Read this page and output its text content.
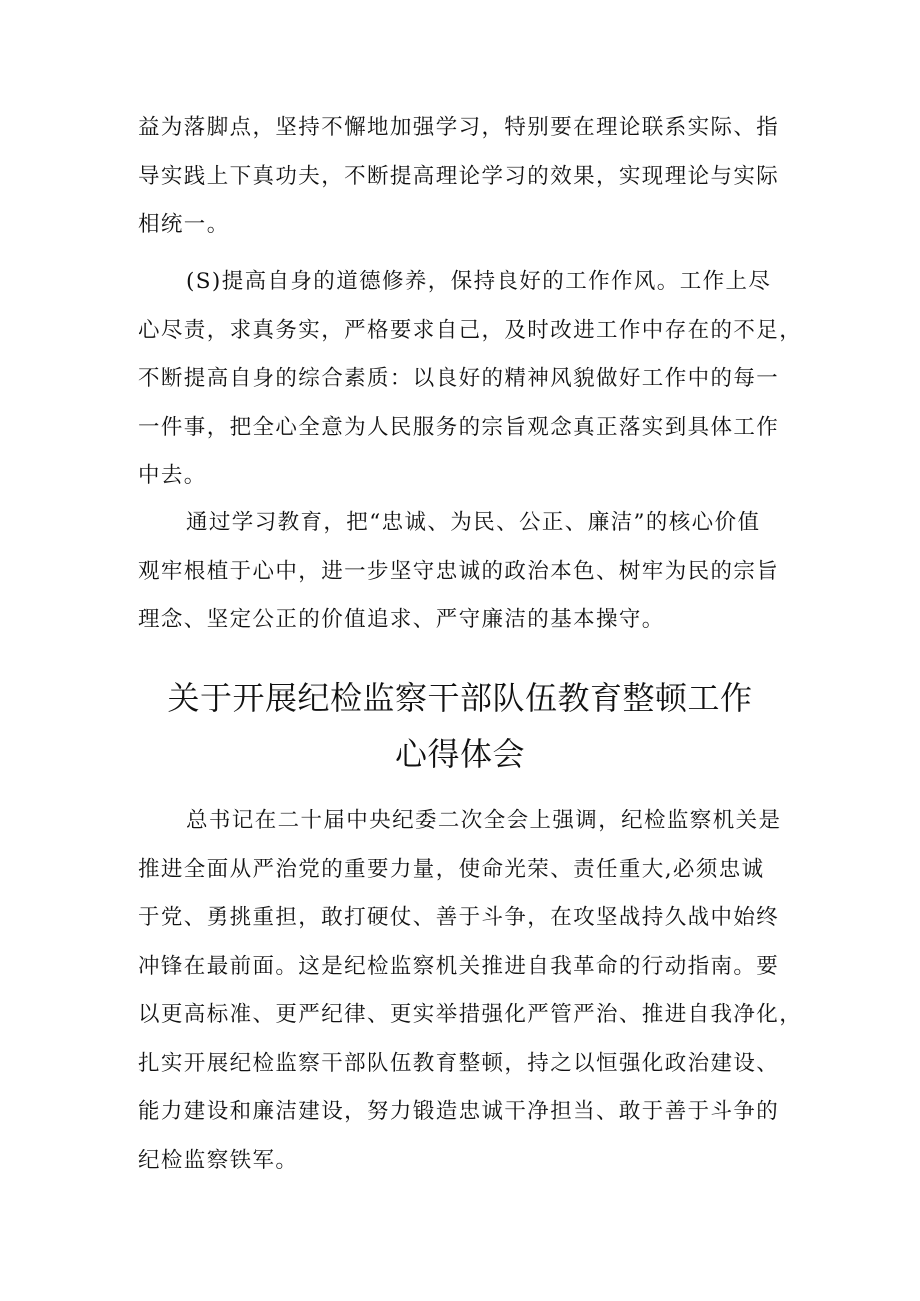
益为落脚点，坚持不懈地加强学习，特别要在理论联系实际、指
导实践上下真功夫，不断提高理论学习的效果，实现理论与实际
相统一。
(S)提高自身的道德修养，保持良好的工作作风。工作上尽
心尽责，求真务实，严格要求自己，及时改进工作中存在的不足，
不断提高自身的综合素质：以良好的精神风貌做好工作中的每一
一件事，把全心全意为人民服务的宗旨观念真正落实到具体工作
中去。
通过学习教育，把“忠诚、为民、公正、廉洁”的核心价值
观牢根植于心中，进一步坚守忠诚的政治本色、树牢为民的宗旨
理念、坚定公正的价值追求、严守廉洁的基本操守。
关于开展纪检监察干部队伍教育整顿工作
心得体会
总书记在二十届中央纪委二次全会上强调，纪检监察机关是
推进全面从严治党的重要力量，使命光荣、责任重大,必须忠诚
于党、勇挑重担，敢打硬仗、善于斗争，在攻坚战持久战中始终
冲锋在最前面。这是纪检监察机关推进自我革命的行动指南。要
以更高标准、更严纪律、更实举措强化严管严治、推进自我净化，
扎实开展纪检监察干部队伍教育整顿，持之以恒强化政治建设、
能力建设和廉洁建设，努力锻造忠诚干净担当、敢于善于斗争的
纪检监察铁军。
